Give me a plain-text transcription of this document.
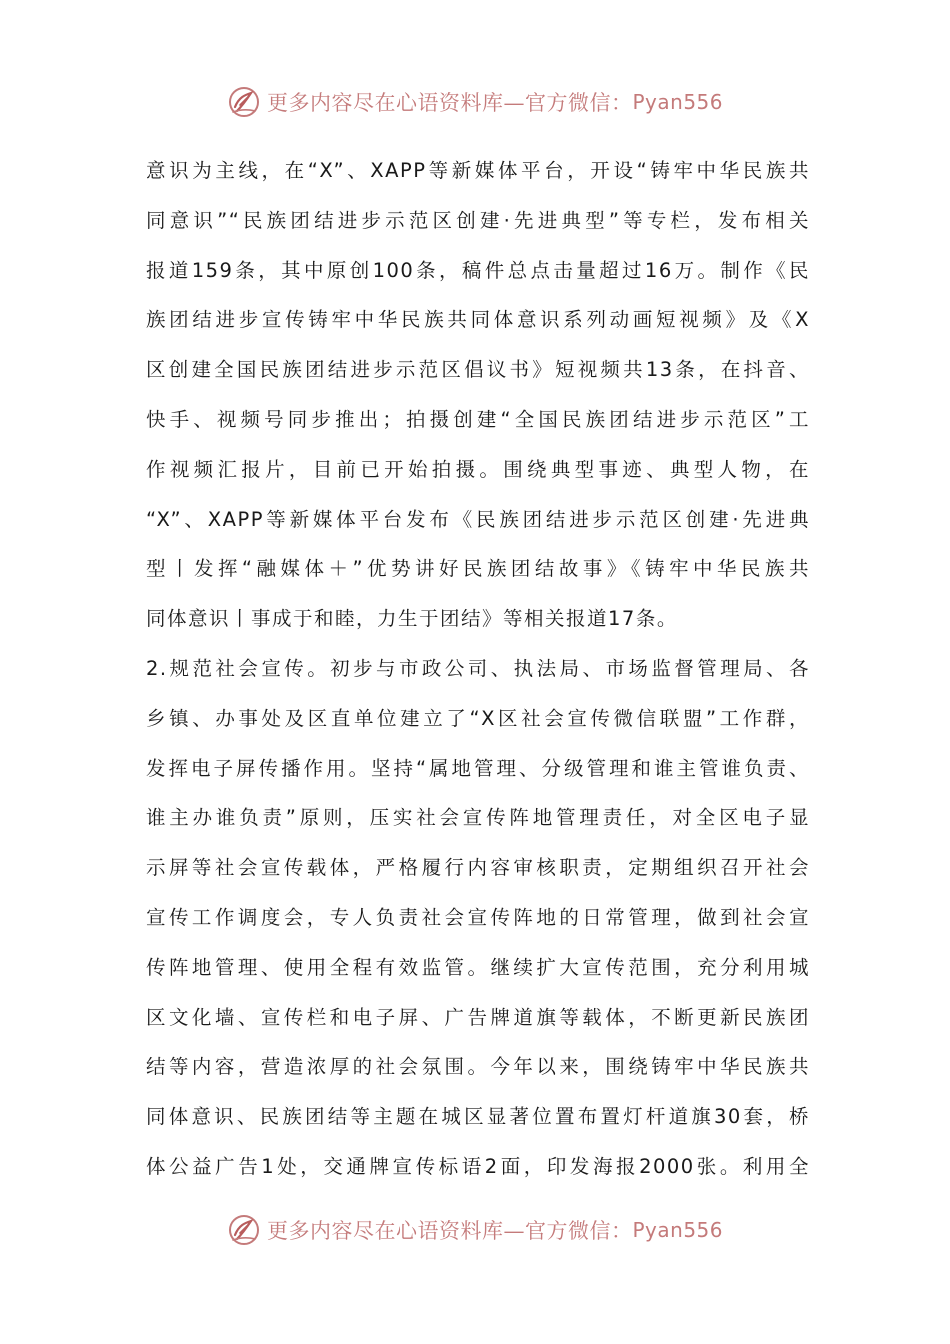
更多内容尽在心语资料库—官方微信： Pyan556
意识为主线，在“X”、XAPP等新媒体平台，开设“铸牢中华民族共
同意识”“民族团结进步示范区创建·先进典型”等专栏，发布相关
报道159条，其中原创100条，稿件总点击量超过16万。制作《民
族团结进步宣传铸牢中华民族共同体意识系列动画短视频》及《X
区创建全国民族团结进步示范区倡议书》短视频共13条，在抖音、
快手、视频号同步推出；拍摄创建“全国民族团结进步示范区”工
作视频汇报片，目前已开始拍摄。围绕典型事迹、典型人物，在
“X”、XAPP等新媒体平台发布《民族团结进步示范区创建·先进典
型丨发挥“融媒体＋”优势讲好民族团结故事》《铸牢中华民族共
同体意识丨事成于和睦，力生于团结》等相关报道17条。
2.规范社会宣传。初步与市政公司、执法局、市场监督管理局、各
乡镇、办事处及区直单位建立了“X区社会宣传微信联盟”工作群，
发挥电子屏传播作用。坚持“属地管理、分级管理和谁主管谁负责、
谁主办谁负责”原则，压实社会宣传阵地管理责任，对全区电子显
示屏等社会宣传载体，严格履行内容审核职责，定期组织召开社会
宣传工作调度会，专人负责社会宣传阵地的日常管理，做到社会宣
传阵地管理、使用全程有效监管。继续扩大宣传范围，充分利用城
区文化墙、宣传栏和电子屏、广告牌道旗等载体，不断更新民族团
结等内容，营造浓厚的社会氛围。今年以来，围绕铸牢中华民族共
同体意识、民族团结等主题在城区显著位置布置灯杆道旗30套，桥
体公益广告1处，交通牌宣传标语2面，印发海报2000张。利用全
更多内容尽在心语资料库—官方微信： Pyan556
